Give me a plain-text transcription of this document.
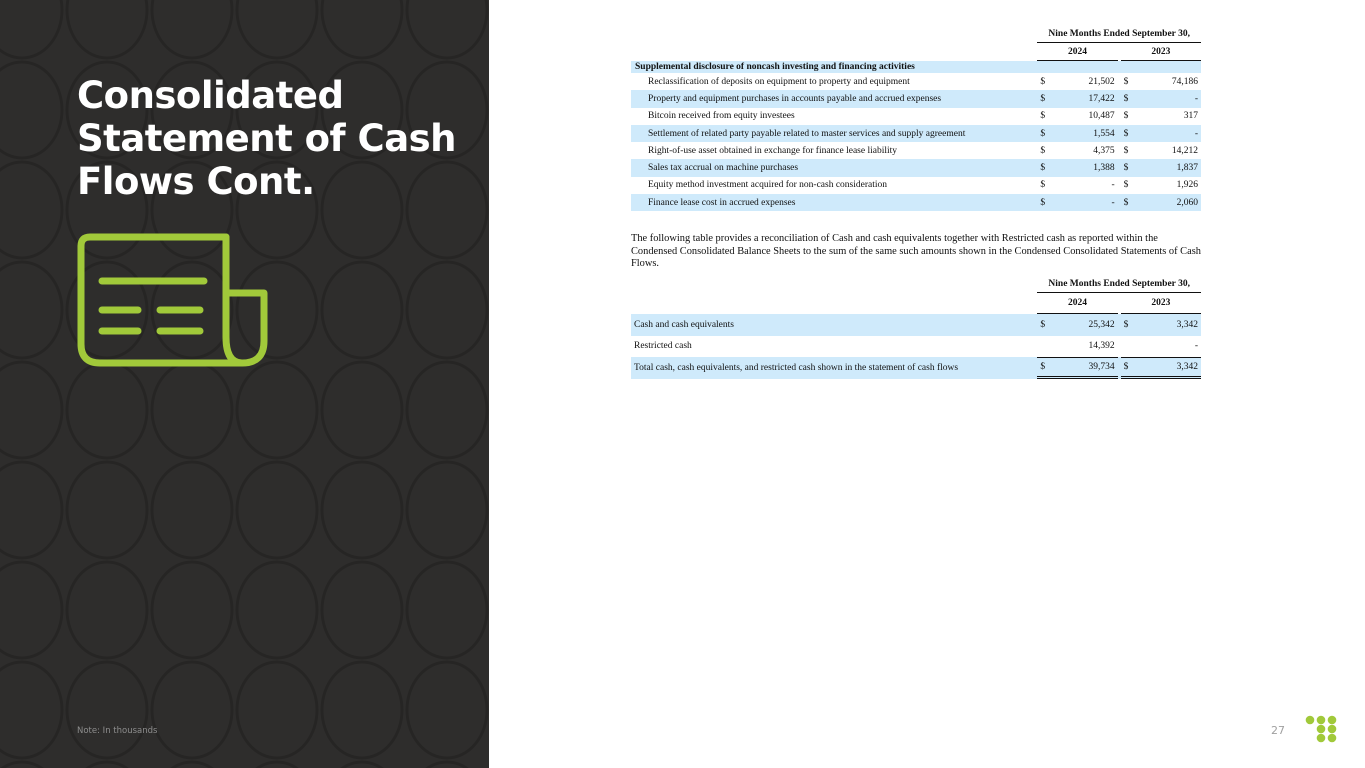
Consolidated Statement of Cash Flows Cont.
Note: In thousands
		Nine Months Ended September 30,				
		2024			2023	
Supplemental disclosure of noncash investing and financing activities						
Reclassification of deposits on equipment to property and equipment		$	21,502		$	74,186
Property and equipment purchases in accounts payable and accrued expenses		$	17,422		$	-
Bitcoin received from equity investees		$	10,487		$	317
Settlement of related party payable related to master services and supply agreement		$	1,554		$	-
Right-of-use asset obtained in exchange for finance lease liability		$	4,375		$	14,212
Sales tax accrual on machine purchases		$	1,388		$	1,837
Equity method investment acquired for non-cash consideration		$	-		$	1,926
Finance lease cost in accrued expenses		$	-		$	2,060

The following table provides a reconciliation of Cash and cash equivalents together with Restricted cash as reported within the Condensed Consolidated Balance Sheets to the sum of the same such amounts shown in the Condensed Consolidated Statements of Cash Flows.

		Nine Months Ended September 30,				
		2024			2023	
Cash and cash equivalents		$	25,342		$	3,342
Restricted cash			14,392			-
Total cash, cash equivalents, and restricted cash shown in the statement of cash flows		$	39,734		$	3,342
27
